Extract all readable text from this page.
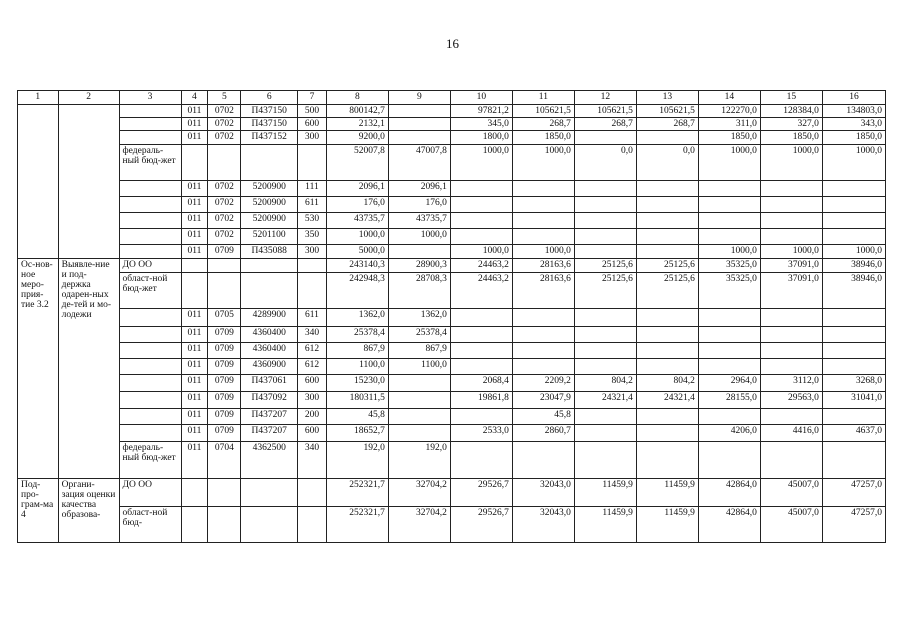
16
1	2	3	4	5	6	7	8	9	10	11	12	13	14	15	16
			011	0702	П437150	500	800142,7		97821,2	105621,5	105621,5	105621,5	122270,0	128384,0	134803,0
			011	0702	П437150	600	2132,1		345,0	268,7	268,7	268,7	311,0	327,0	343,0
			011	0702	П437152	300	9200,0		1800,0	1850,0			1850,0	1850,0	1850,0
		федераль-ный бюд-жет					52007,8	47007,8	1000,0	1000,0	0,0	0,0	1000,0	1000,0	1000,0
			011	0702	5200900	111	2096,1	2096,1							
			011	0702	5200900	611	176,0	176,0							
			011	0702	5200900	530	43735,7	43735,7							
			011	0702	5201100	350	1000,0	1000,0							
			011	0709	П435088	300	5000,0		1000,0	1000,0			1000,0	1000,0	1000,0
Ос-нов-ное меро-прия-тие 3.2	Выявле-ние и под-держка одарен-ных де-тей и мо-лодежи	ДО ОО					243140,3	28900,3	24463,2	28163,6	25125,6	25125,6	35325,0	37091,0	38946,0
		област-ной бюд-жет					242948,3	28708,3	24463,2	28163,6	25125,6	25125,6	35325,0	37091,0	38946,0
			011	0705	4289900	611	1362,0	1362,0							
			011	0709	4360400	340	25378,4	25378,4							
			011	0709	4360400	612	867,9	867,9							
			011	0709	4360900	612	1100,0	1100,0							
			011	0709	П437061	600	15230,0		2068,4	2209,2	804,2	804,2	2964,0	3112,0	3268,0
			011	0709	П437092	300	180311,5		19861,8	23047,9	24321,4	24321,4	28155,0	29563,0	31041,0
			011	0709	П437207	200	45,8			45,8					
			011	0709	П437207	600	18652,7		2533,0	2860,7			4206,0	4416,0	4637,0
		федераль-ный бюд-жет	011	0704	4362500	340	192,0	192,0							
Под-про-грам-ма 4	Органи-зация оценки качества образова-	ДО ОО					252321,7	32704,2	29526,7	32043,0	11459,9	11459,9	42864,0	45007,0	47257,0
		област-ной бюд-					252321,7	32704,2	29526,7	32043,0	11459,9	11459,9	42864,0	45007,0	47257,0
